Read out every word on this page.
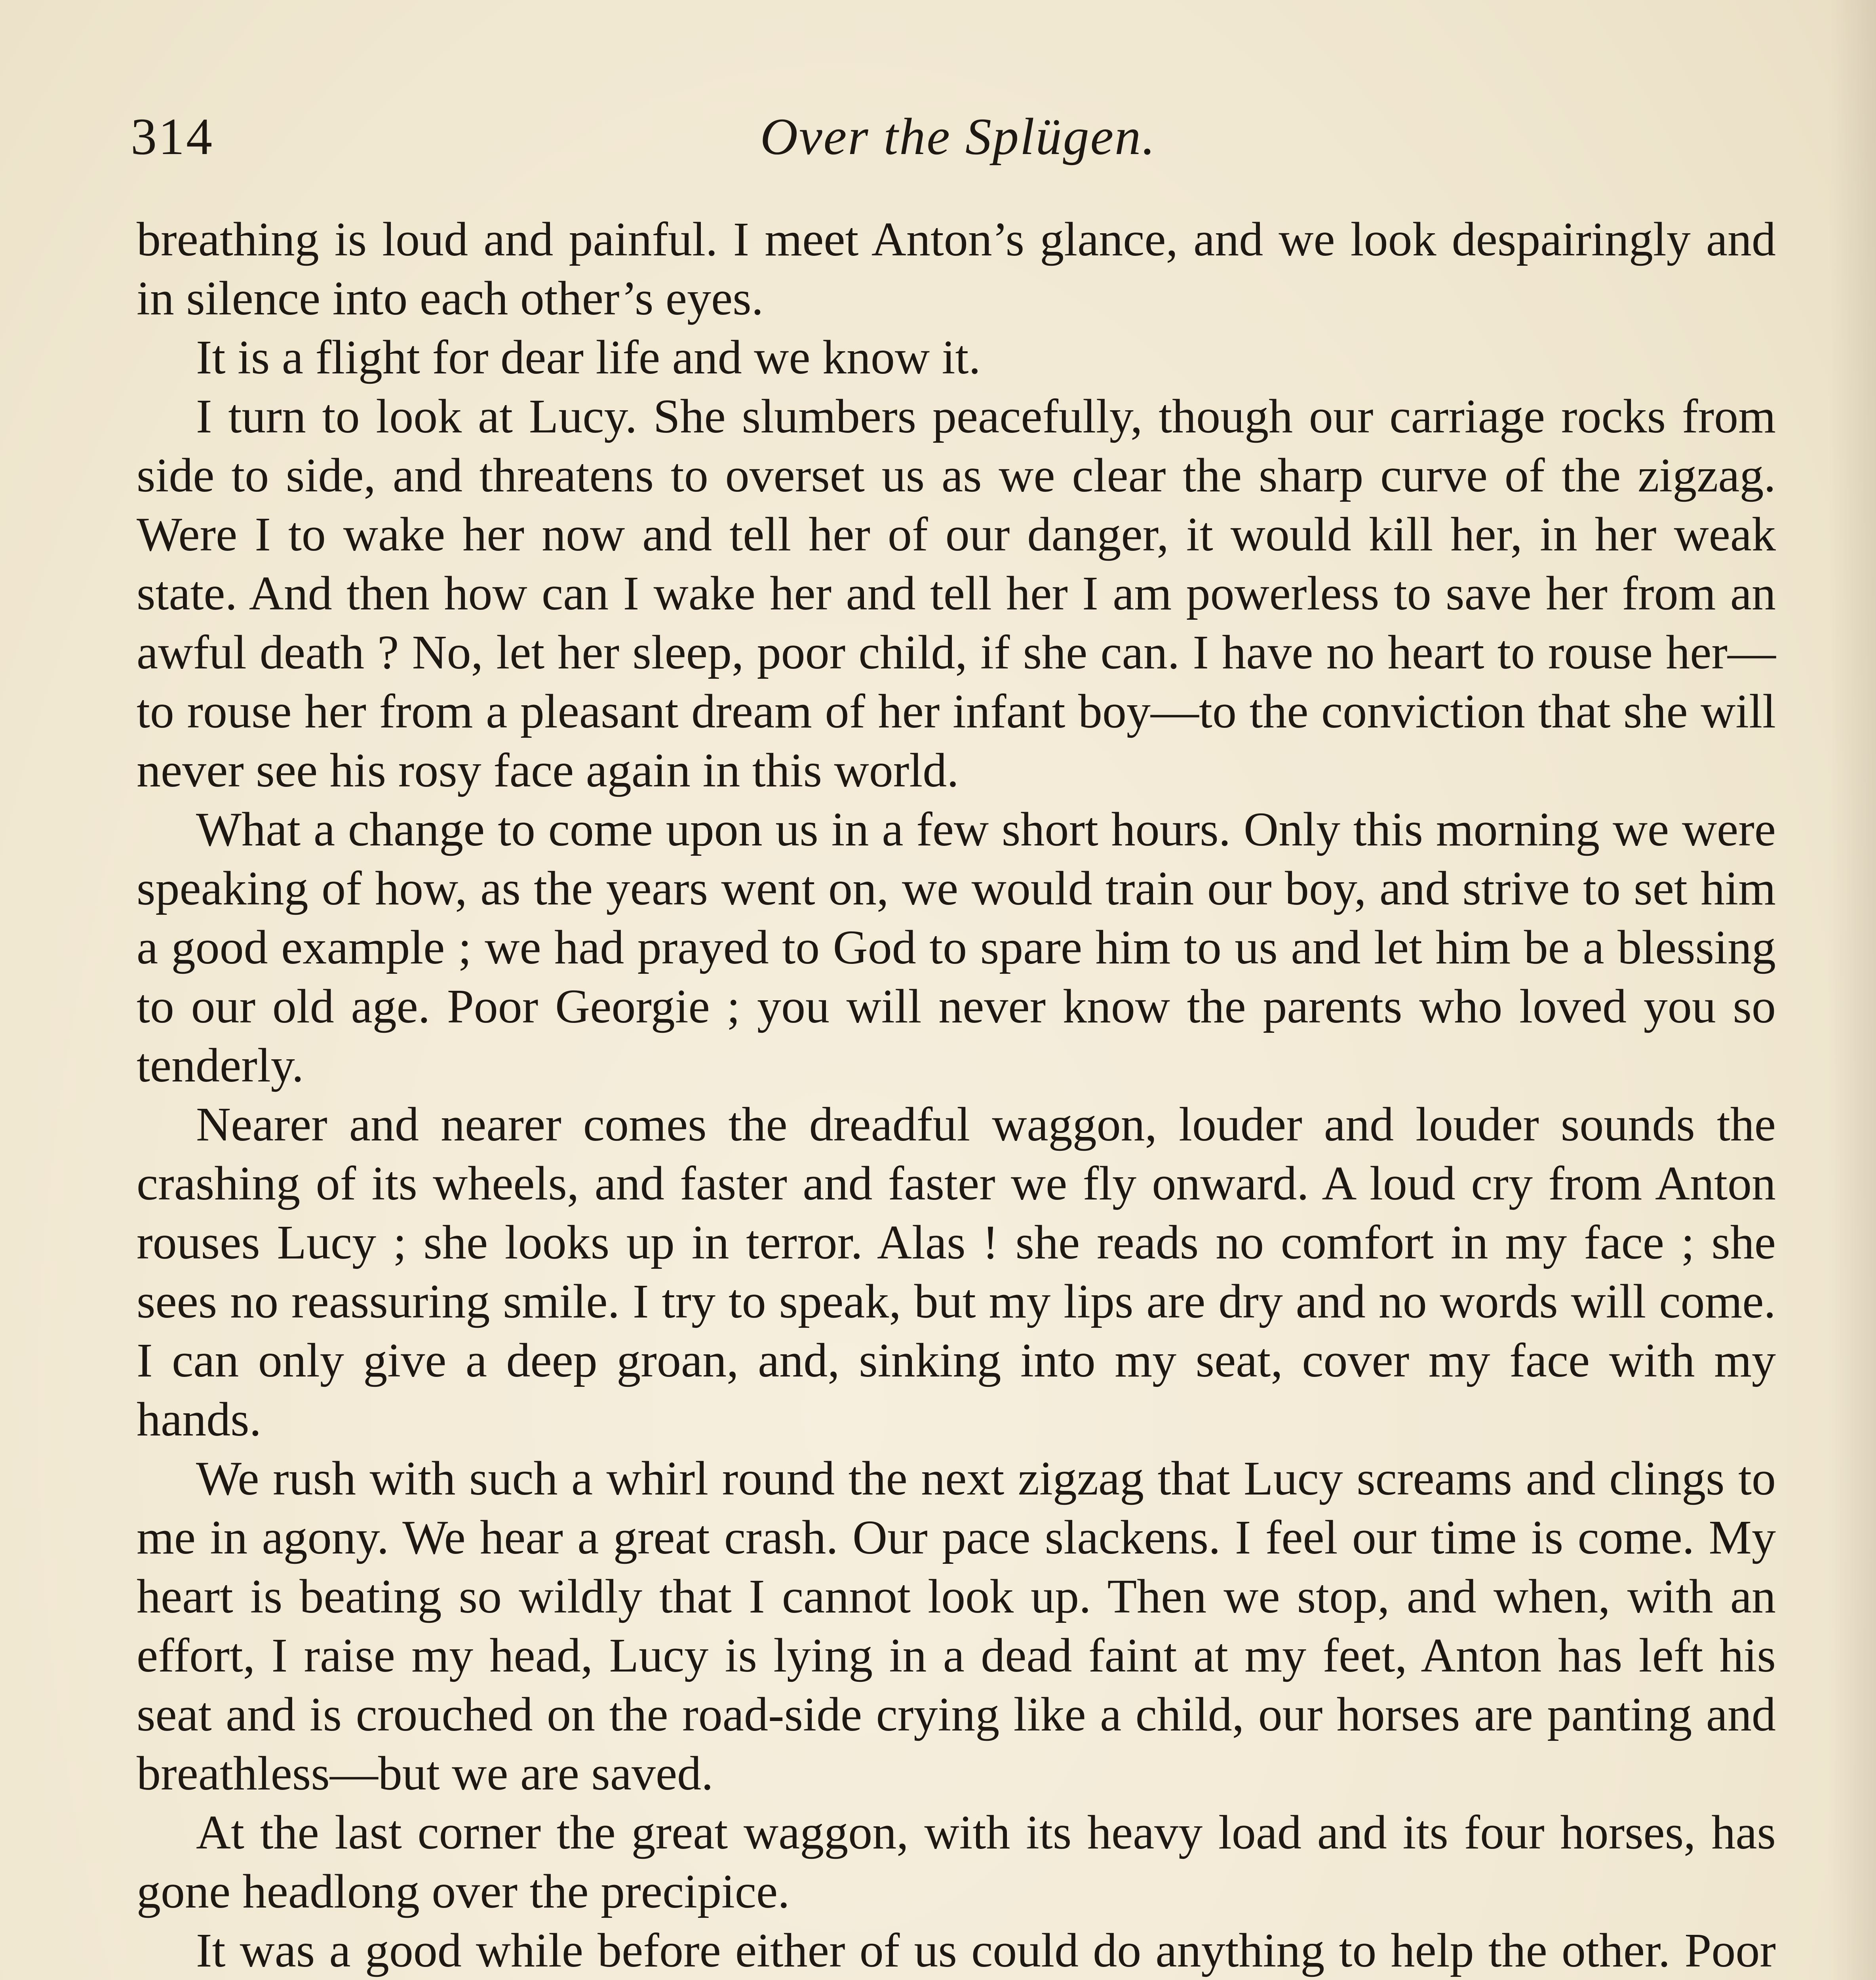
314	Over the Splügen.

breathing is loud and painful. I meet Anton’s glance, and we look despairingly and in silence into each other’s eyes.

It is a flight for dear life and we know it.

I turn to look at Lucy. She slumbers peacefully, though our carriage rocks from side to side, and threatens to overset us as we clear the sharp curve of the zigzag. Were I to wake her now and tell her of our danger, it would kill her, in her weak state. And then how can I wake her and tell her I am powerless to save her from an awful death ? No, let her sleep, poor child, if she can. I have no heart to rouse her—to rouse her from a pleasant dream of her infant boy—to the conviction that she will never see his rosy face again in this world.

What a change to come upon us in a few short hours. Only this morning we were speaking of how, as the years went on, we would train our boy, and strive to set him a good example ; we had prayed to God to spare him to us and let him be a blessing to our old age. Poor Georgie ; you will never know the parents who loved you so tenderly.

Nearer and nearer comes the dreadful waggon, louder and louder sounds the crashing of its wheels, and faster and faster we fly onward. A loud cry from Anton rouses Lucy ; she looks up in terror. Alas ! she reads no comfort in my face ; she sees no reassuring smile. I try to speak, but my lips are dry and no words will come. I can only give a deep groan, and, sinking into my seat, cover my face with my hands.

We rush with such a whirl round the next zigzag that Lucy screams and clings to me in agony. We hear a great crash. Our pace slackens. I feel our time is come. My heart is beating so wildly that I cannot look up. Then we stop, and when, with an effort, I raise my head, Lucy is lying in a dead faint at my feet, Anton has left his seat and is crouched on the road-side crying like a child, our horses are panting and breathless—but we are saved.

At the last corner the great waggon, with its heavy load and its four horses, has gone headlong over the precipice.

It was a good while before either of us could do anything to help the other. Poor
